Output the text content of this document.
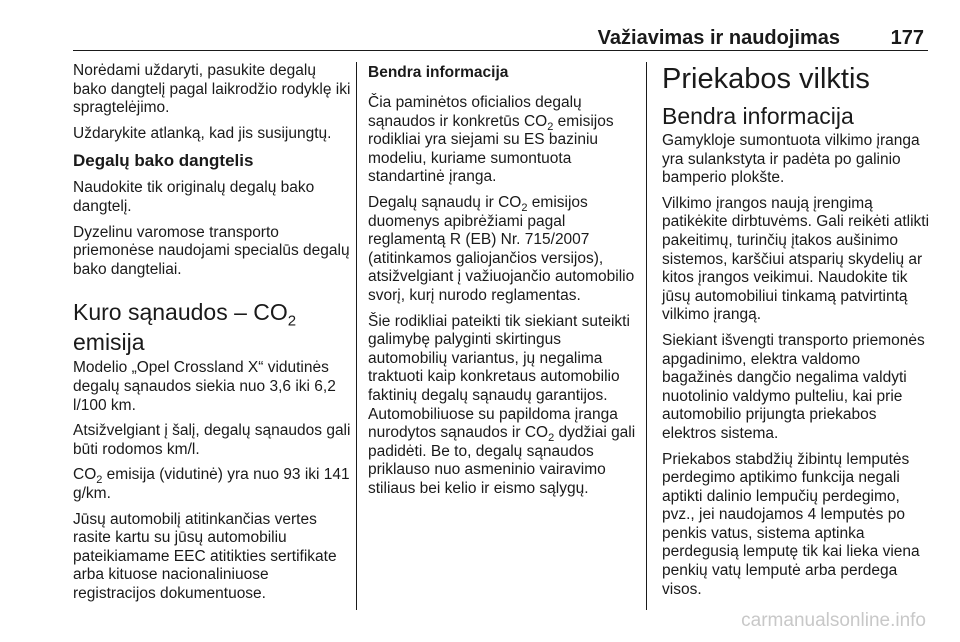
Važiavimas ir naudojimas	177

Norėdami uždaryti, pasukite degalų bako dangtelį pagal laikrodžio rodyklę iki spragtelėjimo.

Uždarykite atlanką, kad jis susijungtų.

Degalų bako dangtelis

Naudokite tik originalų degalų bako dangtelį.

Dyzelinu varomose transporto priemonėse naudojami specialūs degalų bako dangteliai.

Kuro sąnaudos – $CO_2$
emisija

Modelio „Opel Crossland X“ vidutinės degalų sąnaudos siekia nuo 3,6 iki 6,2 l/100 km.

Atsižvelgiant į šalį, degalų sąnaudos gali būti rodomos km/l.

$CO_2$ emisija (vidutinė) yra nuo 93 iki 141 g/km.

Jūsų automobilį atitinkančias vertes rasite kartu su jūsų automobiliu pateikiamame EEC atitikties sertifikate arba kituose nacionaliniuose registracijos dokumentuose.

Bendra informacija

Čia paminėtos oficialios degalų sąnaudos ir konkretūs $CO_2$ emisijos rodikliai yra siejami su ES baziniu modeliu, kuriame sumontuota standartinė įranga.

Degalų sąnaudų ir $CO_2$ emisijos duomenys apibrėžiami pagal reglamentą R (EB) Nr. 715/2007 (atitinkamos galiojančios versijos), atsižvelgiant į važiuojančio automobilio svorį, kurį nurodo reglamentas.

Šie rodikliai pateikti tik siekiant suteikti galimybę palyginti skirtingus automobilių variantus, jų negalima traktuoti kaip konkretaus automobilio faktinių degalų sąnaudų garantijos. Automobiliuose su papildoma įranga nurodytos sąnaudos ir $CO_2$ dydžiai gali padidėti. Be to, degalų sąnaudos priklauso nuo asmeninio vairavimo stiliaus bei kelio ir eismo sąlygų.

Priekabos vilktis
Bendra informacija

Gamykloje sumontuota vilkimo įranga yra sulankstyta ir padėta po galinio bamperio plokšte.

Vilkimo įrangos naują įrengimą patikėkite dirbtuvėms. Gali reikėti atlikti pakeitimų, turinčių įtakos aušinimo sistemos, karščiui atsparių skydelių ar kitos įrangos veikimui. Naudokite tik jūsų automobiliui tinkamą patvirtintą vilkimo įrangą.

Siekiant išvengti transporto priemonės apgadinimo, elektra valdomo bagažinės dangčio negalima valdyti nuotolinio valdymo pulteliu, kai prie automobilio prijungta priekabos elektros sistema.

Priekabos stabdžių žibintų lemputės perdegimo aptikimo funkcija negali aptikti dalinio lempučių perdegimo, pvz., jei naudojamos 4 lemputės po penkis vatus, sistema aptinka perdegusią lemputę tik kai lieka viena penkių vatų lemputė arba perdega visos.

carmanualsonline.info
